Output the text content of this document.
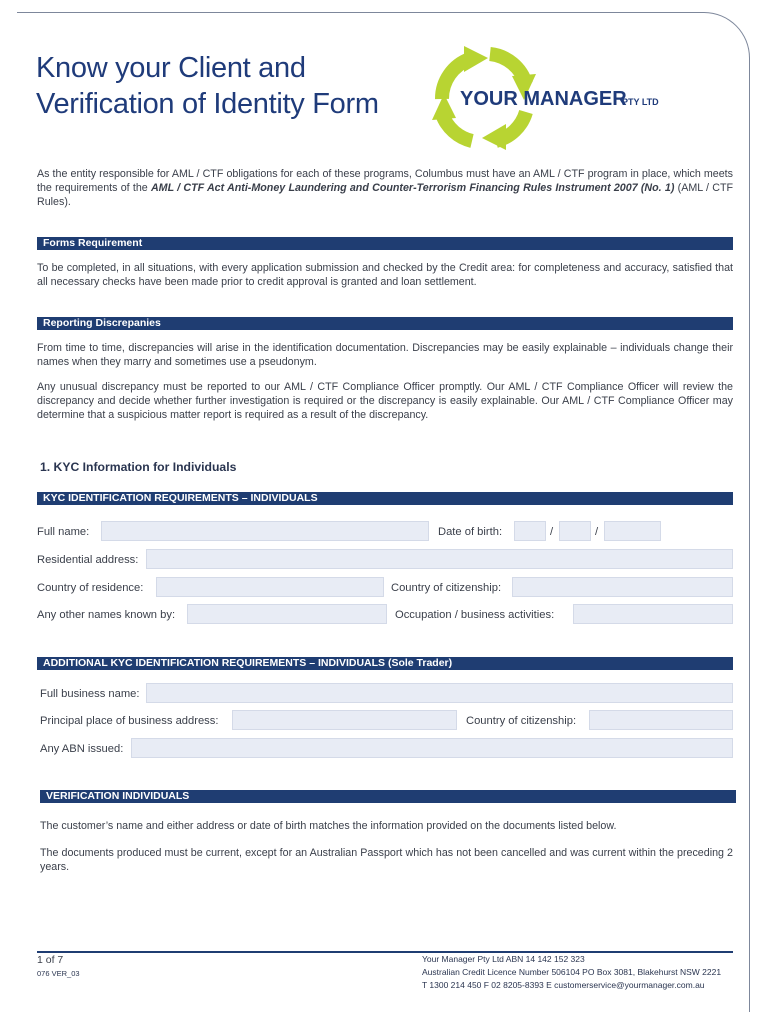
Know your Client and
Verification of Identity Form	YOUR MANAGER
PTY LTD
As the entity responsible for AML / CTF obligations for each of these programs, Columbus must have an AML / CTF program in place, which meets the requirements of the AML / CTF Act Anti-Money Laundering and Counter-Terrorism Financing Rules Instrument 2007 (No. 1) (AML / CTF Rules).
Forms Requirement
To be completed, in all situations, with every application submission and checked by the Credit area: for completeness and accuracy, satisfied that all necessary checks have been made prior to credit approval is granted and loan settlement.
Reporting Discrepanies
From time to time, discrepancies will arise in the identification documentation. Discrepancies may be easily explainable – individuals change their names when they marry and sometimes use a pseudonym.
Any unusual discrepancy must be reported to our AML / CTF Compliance Officer promptly. Our AML / CTF Compliance Officer will review the discrepancy and decide whether further investigation is required or the discrepancy is easily explainable. Our AML / CTF Compliance Officer may determine that a suspicious matter report is required as a result of the discrepancy.
1. KYC Information for Individuals
KYC IDENTIFICATION REQUIREMENTS – INDIVIDUALS
Full name:	Date of birth:	/	/
Residential address:
Country of residence:	Country of citizenship:
Any other names known by:	Occupation / business activities:
ADDITIONAL KYC IDENTIFICATION REQUIREMENTS – INDIVIDUALS (Sole Trader)
Full business name:
Principal place of business address:	Country of citizenship:
Any ABN issued:
VERIFICATION INDIVIDUALS
The customer’s name and either address or date of birth matches the information provided on the documents listed below.
The documents produced must be current, except for an Australian Passport which has not been cancelled and was current within the preceding 2 years.
1 of 7
076 VER_03
Your Manager Pty Ltd ABN 14 142 152 323
Australian Credit Licence Number 506104 PO Box 3081, Blakehurst NSW 2221
T 1300 214 450 F 02 8205-8393 E customerservice@yourmanager.com.au
